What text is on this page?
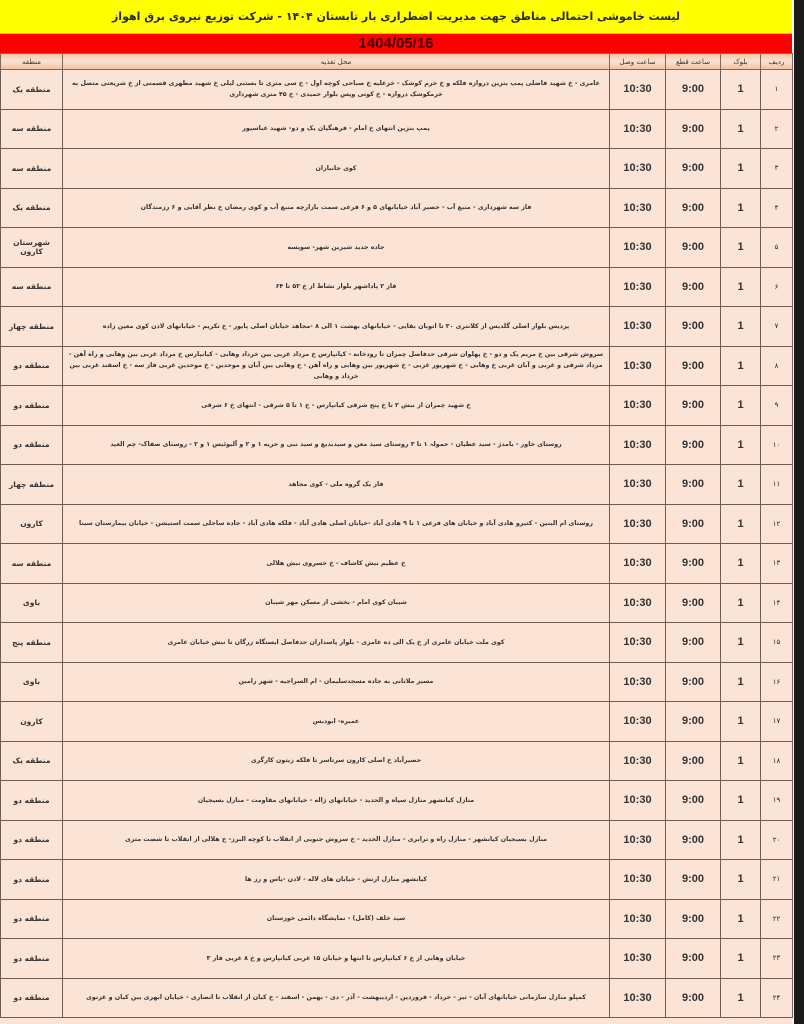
لیست خاموشی احتمالی مناطق جهت مدیریت اضطراری بار تابستان ۱۴۰۴ - شرکت توزیع نیروی برق اهواز
1404/05/16
ردیف	بلوک	ساعت قطع	ساعت وصل	محل تغذیه	منطقه
۱	1	9:00	10:30	عامری - خ شهید فاضلی پمپ بنزین دروازه فلکه و خ خرم کوشک - خزعلیه خ صباحی کوچه اول - خ سی متری تا بستنی لیلی خ شهید مطهری قسمتی از خ شریعتی متصل به خرمکوشک دروازه - خ کوتی ویس بلوار حمیدی - خ ۴۵ متری شهرداری	منطقه یک
۲	1	9:00	10:30	پمپ بنزین انتهای خ امام - فرهنگیان یک و دو- شهید عباسپور	منطقه سه
۳	1	9:00	10:30	کوی جانبازان	منطقه سه
۴	1	9:00	10:30	فاز سه شهرداری - منبع آب - حصیر آباد خیابانهای ۵ و ۶ فرعی سمت بازارچه منبع آب و کوی رمضان خ نظر آقایی و ۶ رزمندگان	منطقه یک
۵	1	9:00	10:30	جاده جدید شیرین شهر- سویسه	شهرستان کارون
۶	1	9:00	10:30	فاز ۲ پاداشهر بلوار نشاط از خ ۵۲ تا ۶۴	منطقه سه
۷	1	9:00	10:30	پردیس بلوار اصلی گلدیس از کلانتری ۳۰ تا اتوبان بقایی - خیابانهای بهشت ۱ الی ۸ -مجاهد خیابان اصلی پایور - خ تکریم - خیابانهای لادن کوی معین زاده	منطقه چهار
۸	1	9:00	10:30	سروش شرقی بین خ مریم یک و دو - خ پهلوان شرقی حدفاصل چمران تا رودخانه - کیانپارس خ مرداد غربی بین خرداد وهابی - کیانپارس خ مرداد غربی بین وهابی و راه آهن - مرداد شرقی و غربی و آبان غربی خ وهابی - خ شهریور غربی - خ شهریور بین وهابی و راه آهن - خ وهابی بین آبان و موحدین - خ موحدین غربی فاز سه - خ اسفند غربی بین خرداد و وهابی	منطقه دو
۹	1	9:00	10:30	خ شهید چمران از نبش ۲ تا خ پنج شرقی کیانپارس - خ ۱ تا ۵ شرقی - انتهای خ ۶ شرقی	منطقه دو
۱۰	1	9:00	10:30	روستای خاور - بامدژ - سید عطیان - حمولہ ۱ تا ۳ روستای سید معن و سیدبدیع و سید نبی و حریه ۱ و ۲ و آلبوئیس ۱ و ۲ - روستای صفاک- چم العید	منطقه دو
۱۱	1	9:00	10:30	فاز یک گروه ملی - کوی مجاهد	منطقه چهار
۱۲	1	9:00	10:30	روستای ام البنین - کتیرو هادی آباد و خیابان های فرعی ۱ تا ۹ هادی آباد -خیابان اصلی هادی آباد - فلکه هادی آباد - جاده ساحلی سمت استیشن - خیابان بیمارستان سینا	کارون
۱۳	1	9:00	10:30	خ عظیم نبش کاشاف - خ خسروی نبش هلالی	منطقه سه
۱۴	1	9:00	10:30	شیبان کوی امام - بخشی از مسکن مهر شیبان	باوی
۱۵	1	9:00	10:30	کوی ملت خیابان عامری از خ یک الی ده عامری - بلوار پاسداران حدفاصل ایستگاه زرگان تا نبش خیابان عامری	منطقه پنج
۱۶	1	9:00	10:30	مسیر ملاثانی به جاده مسجدسلیمان - ام السراجیه - شهر رامین	باوی
۱۷	1	9:00	10:30	عمیره- ابودبس	کارون
۱۸	1	9:00	10:30	حصیرآباد خ اصلی کارون سرتاسر تا فلکه زیتون کارگری	منطقه یک
۱۹	1	9:00	10:30	منازل کیانشهر منازل سپاه و الحدید - خیابانهای ژاله - خیابانهای مقاومت - منازل بسیجیان	منطقه دو
۲۰	1	9:00	10:30	منازل بسیجیان کیانشهر - منازل راه و ترابری - منازل الحدید - خ سروش جنوبی از انقلاب تا کوچه البرز- خ هلالی از انقلاب تا شصت متری	منطقه دو
۲۱	1	9:00	10:30	کیانشهر منازل ارتش - خیابان های لاله - لادن -یاس و رز ها	منطقه دو
۲۲	1	9:00	10:30	سید خلف (کامل) - نمایشگاه دائمی خوزستان	منطقه دو
۲۳	1	9:00	10:30	خیابان وهابی از خ ۶ کیانپارس تا انتها و خیابان ۱۵ غربی کیانپارس و خ ۸ غربی فاز ۳	منطقه دو
۲۴	1	9:00	10:30	کمپلو منازل سازمانی خیابانهای آبان - تیر - خرداد - فروردین - اردیبهشت - آذر - دی - بهمن - اسفند - خ کیان از انقلاب تا انصاری - خیابان ابهری بین کیان و غزنوی	منطقه دو
